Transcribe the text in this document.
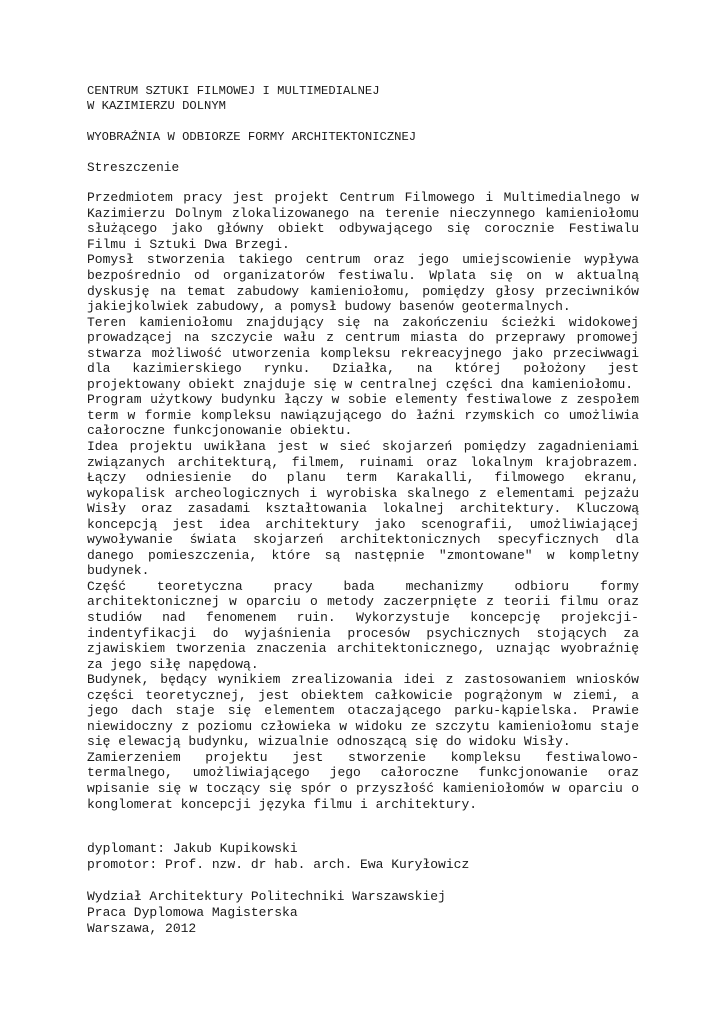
CENTRUM SZTUKI FILMOWEJ I MULTIMEDIALNEJ
W KAZIMIERZU DOLNYM
WYOBRAŹNIA W ODBIORZE FORMY ARCHITEKTONICZNEJ
Streszczenie

Przedmiotem pracy jest projekt Centrum Filmowego i Multimedialnego w Kazimierzu Dolnym zlokalizowanego na terenie nieczynnego kamieniołomu służącego jako główny obiekt odbywającego się corocznie Festiwalu Filmu i Sztuki Dwa Brzegi.

Pomysł stworzenia takiego centrum oraz jego umiejscowienie wypływa bezpośrednio od organizatorów festiwalu. Wplata się on w aktualną dyskusję na temat zabudowy kamieniołomu, pomiędzy głosy przeciwników jakiejkolwiek zabudowy, a pomysł budowy basenów geotermalnych.

Teren kamieniołomu znajdujący się na zakończeniu ścieżki widokowej prowadzącej na szczycie wału z centrum miasta do przeprawy promowej stwarza możliwość utworzenia kompleksu rekreacyjnego jako przeciwwagi dla kazimierskiego rynku. Działka, na której położony jest projektowany obiekt znajduje się w centralnej części dna kamieniołomu.

Program użytkowy budynku łączy w sobie elementy festiwalowe z zespołem term w formie kompleksu nawiązującego do łaźni rzymskich co umożliwia całoroczne funkcjonowanie obiektu.

Idea projektu uwikłana jest w sieć skojarzeń pomiędzy zagadnieniami związanych architekturą, filmem, ruinami oraz lokalnym krajobrazem. Łączy odniesienie do planu term Karakalli, filmowego ekranu, wykopalisk archeologicznych i wyrobiska skalnego z elementami pejzażu Wisły oraz zasadami kształtowania lokalnej architektury. Kluczową koncepcją jest idea architektury jako scenografii, umożliwiającej wywoływanie świata skojarzeń architektonicznych specyficznych dla danego pomieszczenia, które są następnie "zmontowane" w kompletny budynek.

Część teoretyczna pracy bada mechanizmy odbioru formy architektonicznej w oparciu o metody zaczerpnięte z teorii filmu oraz studiów nad fenomenem ruin. Wykorzystuje koncepcję projekcji-indentyfikacji do wyjaśnienia procesów psychicznych stojących za zjawiskiem tworzenia znaczenia architektonicznego, uznając wyobraźnię za jego siłę napędową.

Budynek, będący wynikiem zrealizowania idei z zastosowaniem wniosków części teoretycznej, jest obiektem całkowicie pogrążonym w ziemi, a jego dach staje się elementem otaczającego parku-kąpielska. Prawie niewidoczny z poziomu człowieka w widoku ze szczytu kamieniołomu staje się elewacją budynku, wizualnie odnoszącą się do widoku Wisły.

Zamierzeniem projektu jest stworzenie kompleksu festiwalowo-termalnego, umożliwiającego jego całoroczne funkcjonowanie oraz wpisanie się w toczący się spór o przyszłość kamieniołomów w oparciu o konglomerat koncepcji języka filmu i architektury.

dyplomant: Jakub Kupikowski
promotor: Prof. nzw. dr hab. arch. Ewa Kuryłowicz
Wydział Architektury Politechniki Warszawskiej
Praca Dyplomowa Magisterska
Warszawa, 2012
